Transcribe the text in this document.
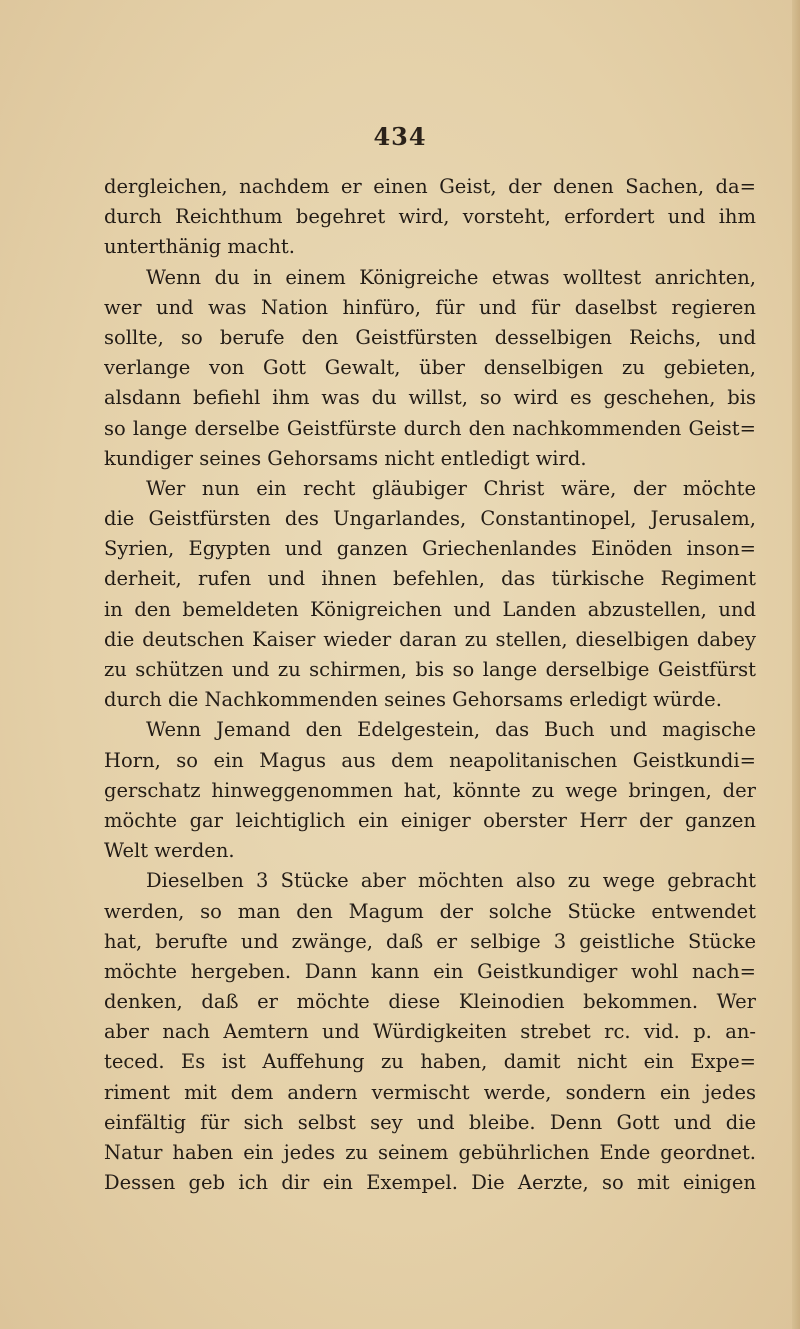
434
dergleichen, nachdem er einen Geist, der denen Sachen, da=
durch Reichthum begehret wird, vorsteht, erfordert und ihm
unterthänig macht.
Wenn du in einem Königreiche etwas wolltest anrichten,
wer und was Nation hinfüro, für und für daselbst regieren
sollte, so berufe den Geistfürsten desselbigen Reichs, und
verlange von Gott Gewalt, über denselbigen zu gebieten,
alsdann befiehl ihm was du willst, so wird es geschehen, bis
so lange derselbe Geistfürste durch den nachkommenden Geist=
kundiger seines Gehorsams nicht entledigt wird.
Wer nun ein recht gläubiger Christ wäre, der möchte
die Geistfürsten des Ungarlandes, Constantinopel, Jerusalem,
Syrien, Egypten und ganzen Griechenlandes Einöden inson=
derheit, rufen und ihnen befehlen, das türkische Regiment
in den bemeldeten Königreichen und Landen abzustellen, und
die deutschen Kaiser wieder daran zu stellen, dieselbigen dabey
zu schützen und zu schirmen, bis so lange derselbige Geistfürst
durch die Nachkommenden seines Gehorsams erledigt würde.
Wenn Jemand den Edelgestein, das Buch und magische
Horn, so ein Magus aus dem neapolitanischen Geistkundi=
gerschatz hinweggenommen hat, könnte zu wege bringen, der
möchte gar leichtiglich ein einiger oberster Herr der ganzen
Welt werden.
Dieselben 3 Stücke aber möchten also zu wege gebracht
werden, so man den Magum der solche Stücke entwendet
hat, berufte und zwänge, daß er selbige 3 geistliche Stücke
möchte hergeben. Dann kann ein Geistkundiger wohl nach=
denken, daß er möchte diese Kleinodien bekommen. Wer
aber nach Aemtern und Würdigkeiten strebet rc. vid. p. an-
teced. Es ist Auffehung zu haben, damit nicht ein Expe=
riment mit dem andern vermischt werde, sondern ein jedes
einfältig für sich selbst sey und bleibe. Denn Gott und die
Natur haben ein jedes zu seinem gebührlichen Ende geordnet.
Dessen geb ich dir ein Exempel. Die Aerzte, so mit einigen
